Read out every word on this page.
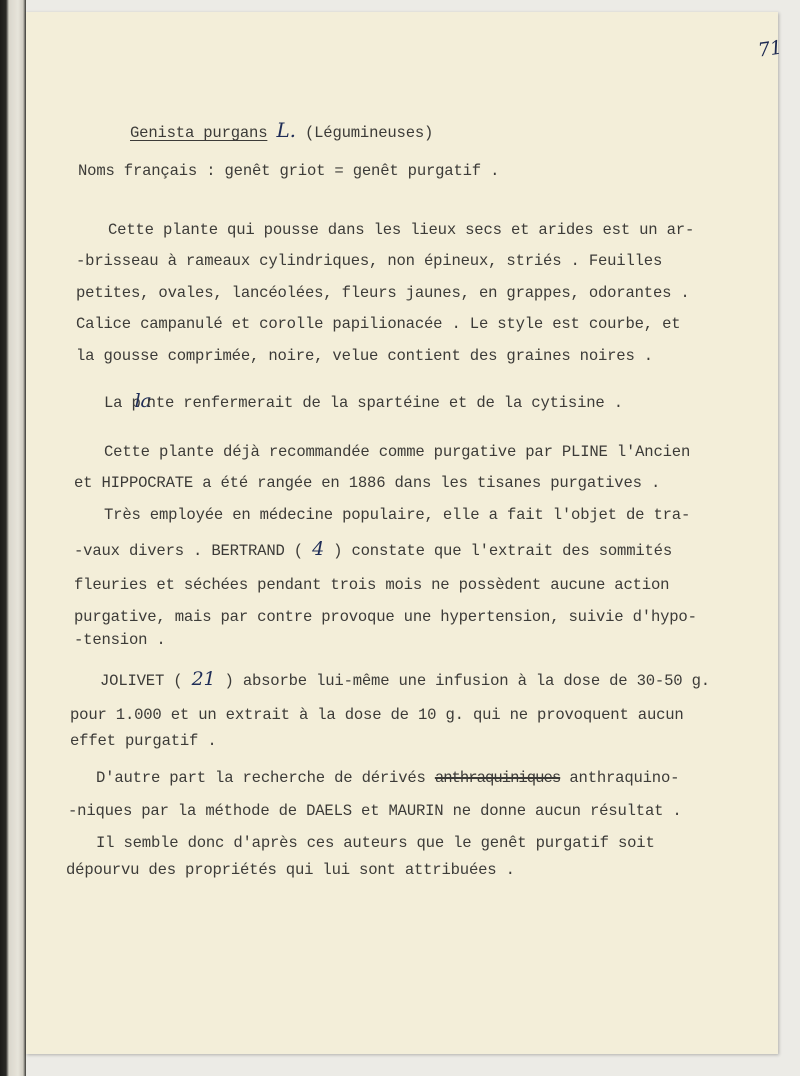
71
Genista purgans L. (Légumineuses)
Noms français : genêt griot = genêt purgatif .
Cette plante qui pousse dans les lieux secs et arides est un ar-
-brisseau à rameaux cylindriques, non épineux, striés . Feuilles
petites, ovales, lancéolées, fleurs jaunes, en grappes, odorantes .
Calice campanulé et corolle papilionacée . Le style est courbe, et
la gousse comprimée, noire, velue contient des graines noires .
La plante renfermerait de la spartéine et de la cytisine .
Cette plante déjà recommandée comme purgative par PLINE l'Ancien
et HIPPOCRATE a été rangée en 1886 dans les tisanes purgatives .
Très employée en médecine populaire, elle a fait l'objet de tra-
-vaux divers . BERTRAND ( 4 ) constate que l'extrait des sommités
fleuries et séchées pendant trois mois ne possèdent aucune action
purgative, mais par contre provoque une hypertension, suivie d'hypo-
-tension .
JOLIVET ( 21 ) absorbe lui-même une infusion à la dose de 30-50 g.
pour 1.000 et un extrait à la dose de 10 g. qui ne provoquent aucun
effet purgatif .
D'autre part la recherche de dérivés anthraquiniques anthraquino-
-niques par la méthode de DAELS et MAURIN ne donne aucun résultat .
Il semble donc d'après ces auteurs que le genêt purgatif soit
dépourvu des propriétés qui lui sont attribuées .
